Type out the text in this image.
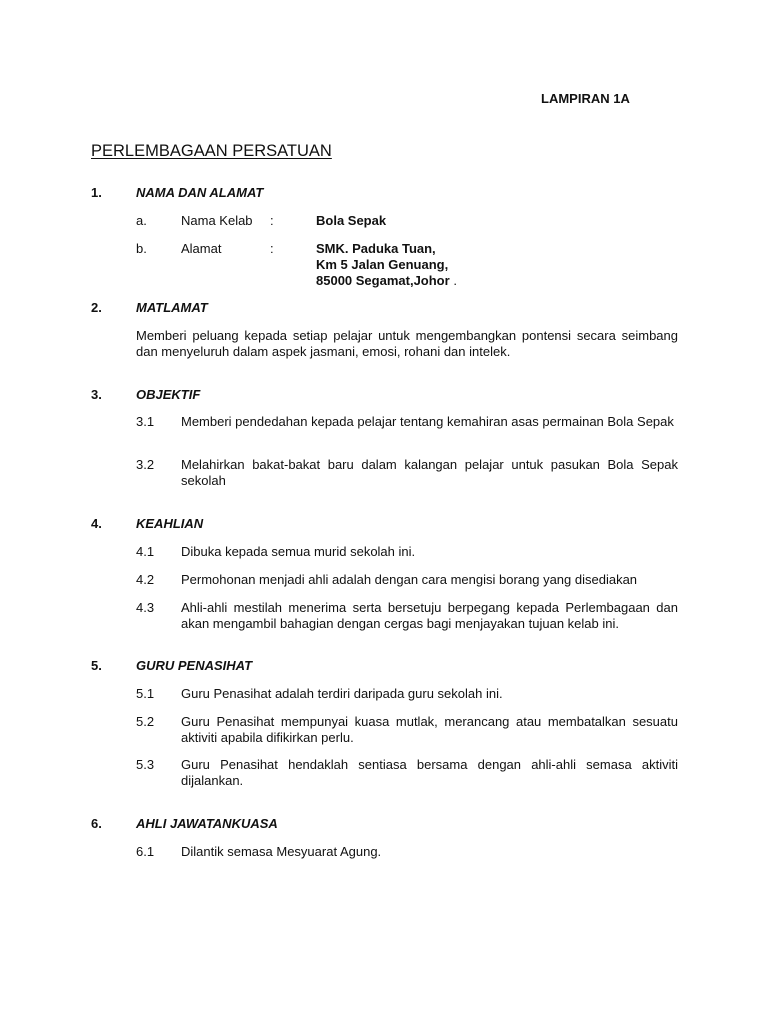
LAMPIRAN 1A
PERLEMBAGAAN PERSATUAN
1.	NAMA DAN ALAMAT
a.	Nama Kelab :	Bola Sepak
b.	Alamat	:	SMK. Paduka Tuan,
Km 5 Jalan Genuang,
85000 Segamat,Johor .
2.	MATLAMAT
Memberi peluang kepada setiap pelajar untuk mengembangkan pontensi secara seimbang dan menyeluruh dalam aspek jasmani, emosi, rohani dan intelek.
3.	OBJEKTIF
3.1 Memberi pendedahan kepada pelajar tentang kemahiran asas permainan Bola Sepak
3.2 Melahirkan bakat-bakat baru dalam kalangan pelajar untuk pasukan Bola Sepak sekolah
4.	KEAHLIAN
4.1 Dibuka kepada semua murid sekolah ini.
4.2 Permohonan menjadi ahli adalah dengan cara mengisi borang yang disediakan
4.3 Ahli-ahli mestilah menerima serta bersetuju berpegang kepada Perlembagaan dan akan mengambil bahagian dengan cergas bagi menjayakan tujuan kelab ini.
5.	GURU PENASIHAT
5.1 Guru Penasihat adalah terdiri daripada guru sekolah ini.
5.2 Guru Penasihat mempunyai kuasa mutlak, merancang atau membatalkan sesuatu aktiviti apabila difikirkan perlu.
5.3 Guru Penasihat hendaklah sentiasa bersama dengan ahli-ahli semasa aktiviti dijalankan.
6.	AHLI JAWATANKUASA
6.1 Dilantik semasa Mesyuarat Agung.
